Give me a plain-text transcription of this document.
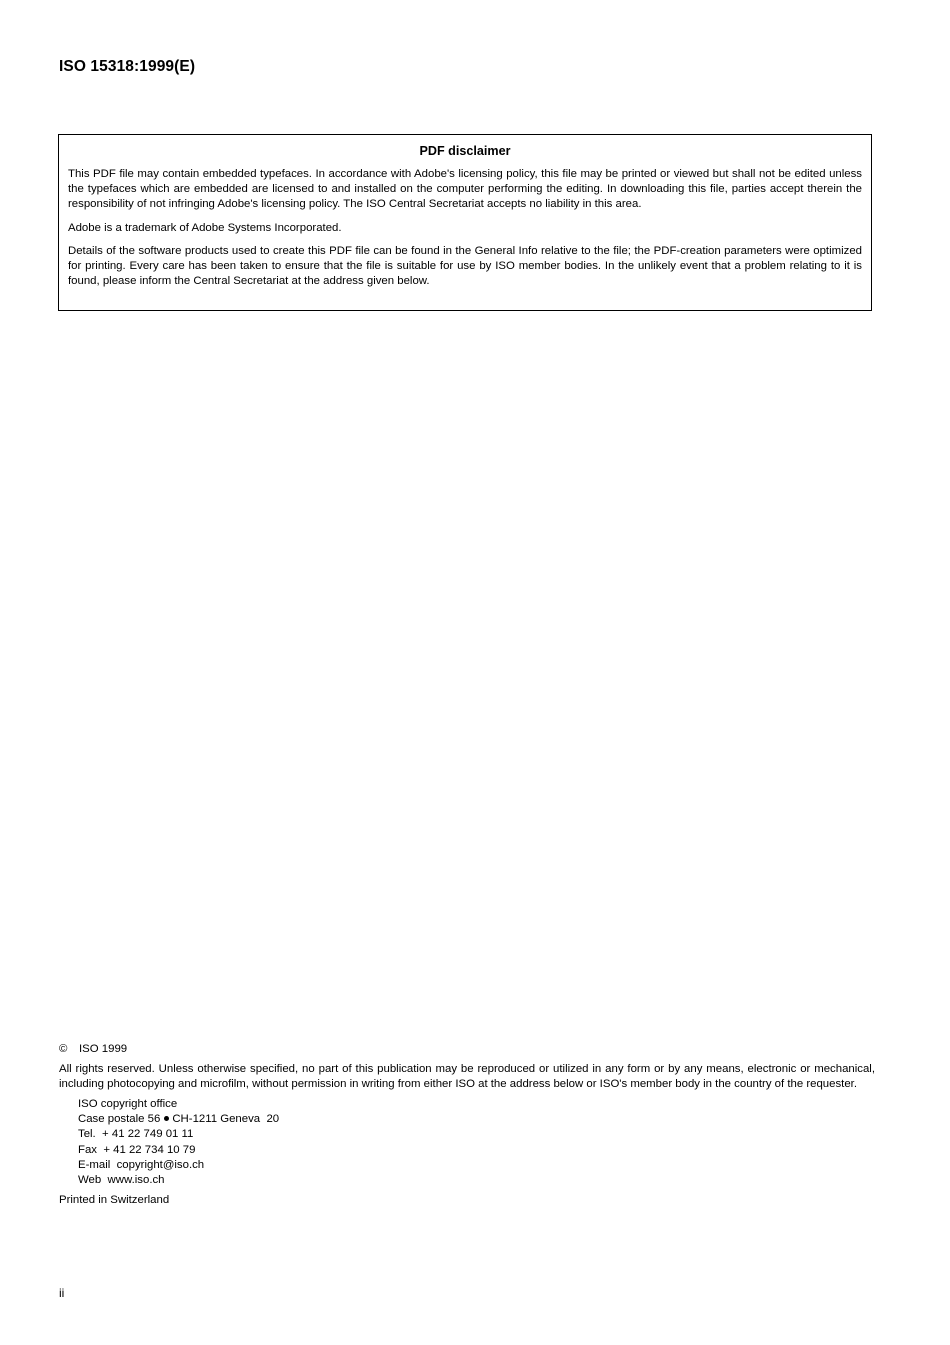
ISO 15318:1999(E)
PDF disclaimer

This PDF file may contain embedded typefaces. In accordance with Adobe's licensing policy, this file may be printed or viewed but shall not be edited unless the typefaces which are embedded are licensed to and installed on the computer performing the editing. In downloading this file, parties accept therein the responsibility of not infringing Adobe's licensing policy. The ISO Central Secretariat accepts no liability in this area.

Adobe is a trademark of Adobe Systems Incorporated.

Details of the software products used to create this PDF file can be found in the General Info relative to the file; the PDF-creation parameters were optimized for printing. Every care has been taken to ensure that the file is suitable for use by ISO member bodies. In the unlikely event that a problem relating to it is found, please inform the Central Secretariat at the address given below.

© ISO 1999

All rights reserved. Unless otherwise specified, no part of this publication may be reproduced or utilized in any form or by any means, electronic or mechanical, including photocopying and microfilm, without permission in writing from either ISO at the address below or ISO's member body in the country of the requester.

ISO copyright office
Case postale 56 CH-1211 Geneva  20
Tel.  + 41 22 749 01 11
Fax  + 41 22 734 10 79
E-mail  copyright@iso.ch
Web  www.iso.ch

Printed in Switzerland

ii
